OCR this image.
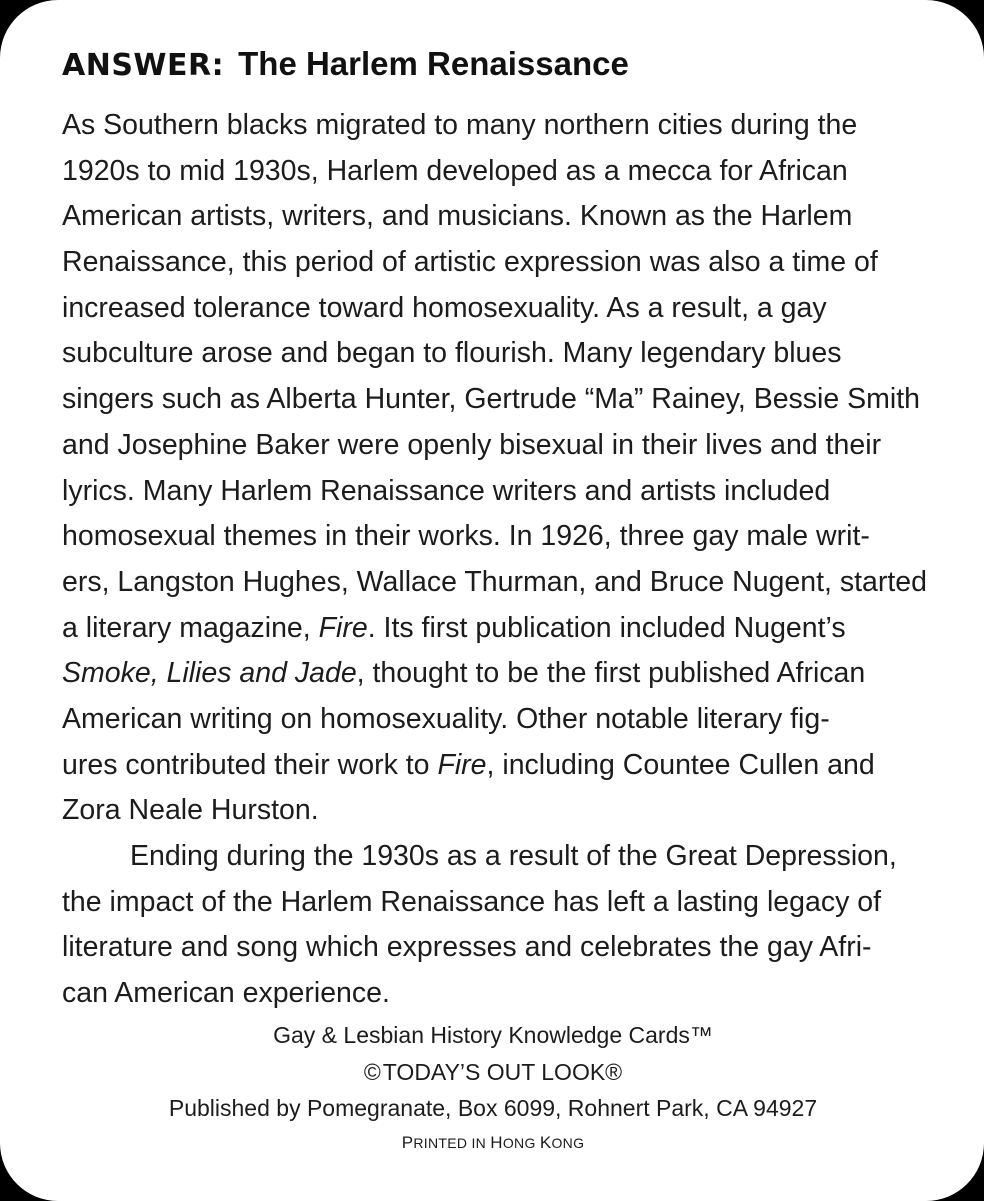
ANSWER: The Harlem Renaissance
As Southern blacks migrated to many northern cities during the
1920s to mid 1930s, Harlem developed as a mecca for African
American artists, writers, and musicians. Known as the Harlem
Renaissance, this period of artistic expression was also a time of
increased tolerance toward homosexuality. As a result, a gay
subculture arose and began to flourish. Many legendary blues
singers such as Alberta Hunter, Gertrude “Ma” Rainey, Bessie Smith
and Josephine Baker were openly bisexual in their lives and their
lyrics. Many Harlem Renaissance writers and artists included
homosexual themes in their works. In 1926, three gay male writ-
ers, Langston Hughes, Wallace Thurman, and Bruce Nugent, started
a literary magazine, Fire. Its first publication included Nugent’s
Smoke, Lilies and Jade, thought to be the first published African
American writing on homosexuality. Other notable literary fig-
ures contributed their work to Fire, including Countee Cullen and
Zora Neale Hurston.
Ending during the 1930s as a result of the Great Depression,
the impact of the Harlem Renaissance has left a lasting legacy of
literature and song which expresses and celebrates the gay Afri-
can American experience.
Gay & Lesbian History Knowledge Cards™
©TODAY’S OUT LOOK®
Published by Pomegranate, Box 6099, Rohnert Park, CA 94927
PRINTED IN HONG KONG
